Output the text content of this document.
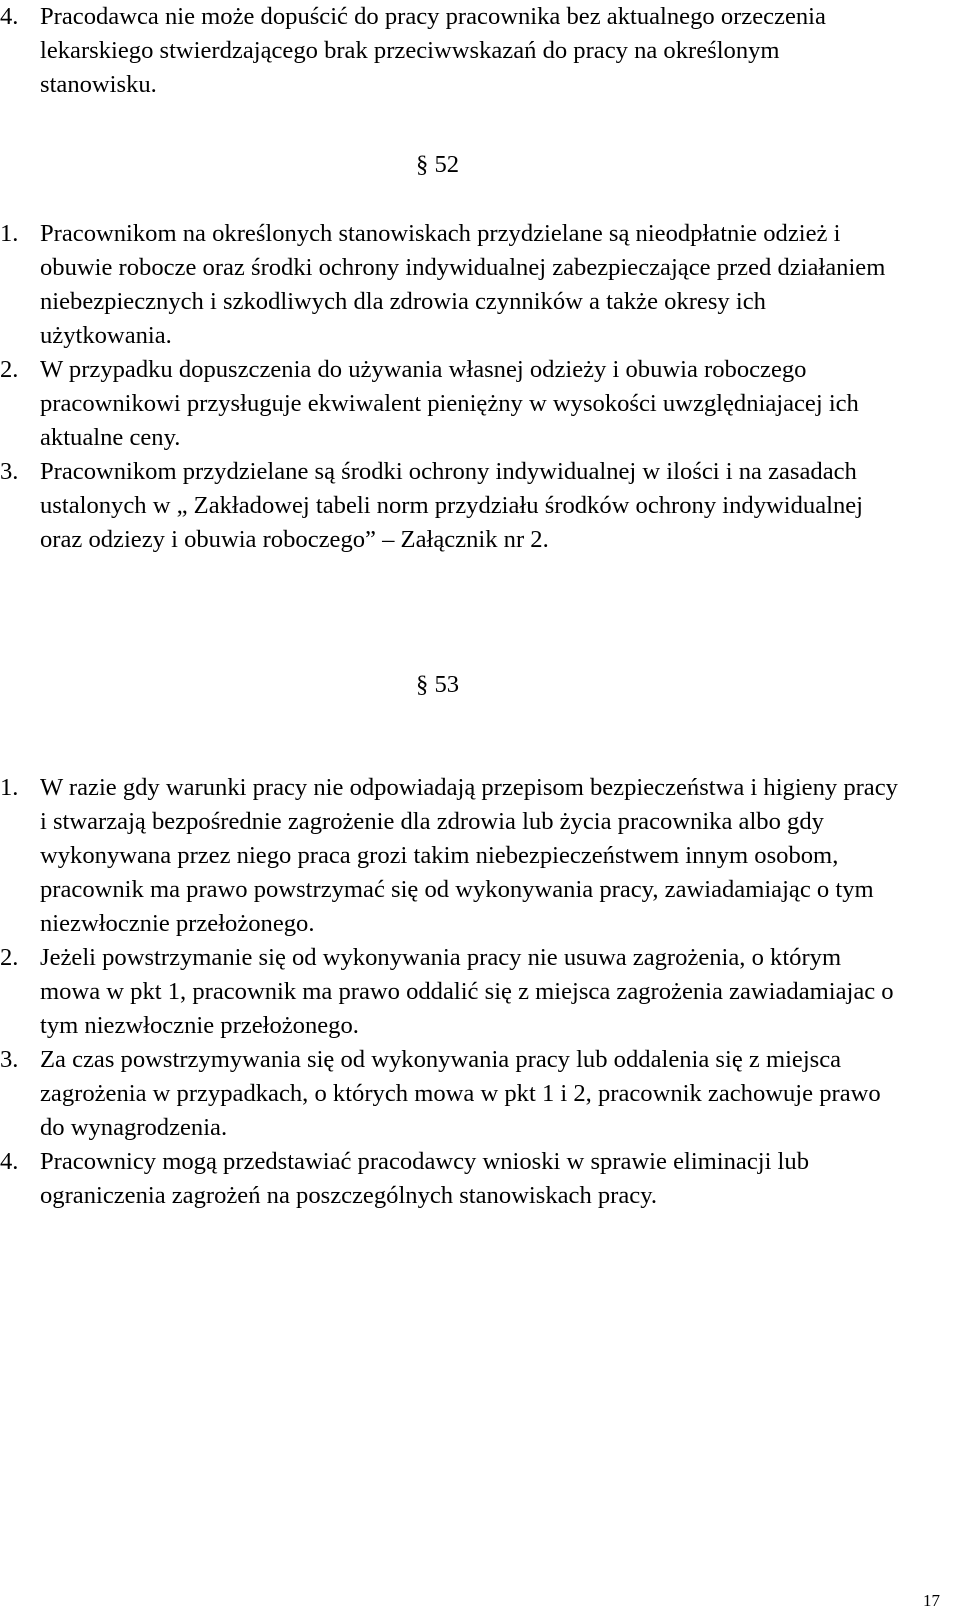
4. Pracodawca nie może dopuścić do pracy pracownika bez aktualnego orzeczenia lekarskiego stwierdzającego brak przeciwwskazań do pracy na określonym stanowisku.
§ 52
1. Pracownikom na określonych stanowiskach przydzielane są nieodpłatnie odzież i obuwie robocze oraz środki ochrony indywidualnej zabezpieczające przed działaniem niebezpiecznych i szkodliwych dla zdrowia czynników a także okresy ich użytkowania.
2. W przypadku dopuszczenia do używania własnej odzieży i obuwia roboczego pracownikowi przysługuje ekwiwalent pieniężny w wysokości uwzględniajacej ich aktualne ceny.
3. Pracownikom przydzielane są środki ochrony indywidualnej w ilości i na zasadach ustalonych w „ Zakładowej tabeli norm przydziału środków ochrony indywidualnej oraz odziezy i obuwia roboczego” – Załącznik nr 2.
§ 53
1. W razie gdy warunki pracy nie odpowiadają przepisom bezpieczeństwa i higieny pracy i stwarzają bezpośrednie zagrożenie dla zdrowia lub życia pracownika albo gdy wykonywana przez niego praca grozi takim niebezpieczeństwem innym osobom, pracownik ma prawo powstrzymać się od wykonywania pracy, zawiadamiając o tym niezwłocznie przełożonego.
2. Jeżeli powstrzymanie się od wykonywania pracy nie usuwa zagrożenia, o którym mowa w pkt 1, pracownik ma prawo oddalić się z miejsca zagrożenia zawiadamiajac o tym niezwłocznie przełożonego.
3. Za czas powstrzymywania się od wykonywania pracy lub oddalenia się z miejsca zagrożenia w przypadkach, o których mowa w pkt 1 i 2, pracownik zachowuje prawo do wynagrodzenia.
4. Pracownicy mogą przedstawiać pracodawcy wnioski w sprawie eliminacji lub ograniczenia zagrożeń na poszczególnych stanowiskach pracy.
17
